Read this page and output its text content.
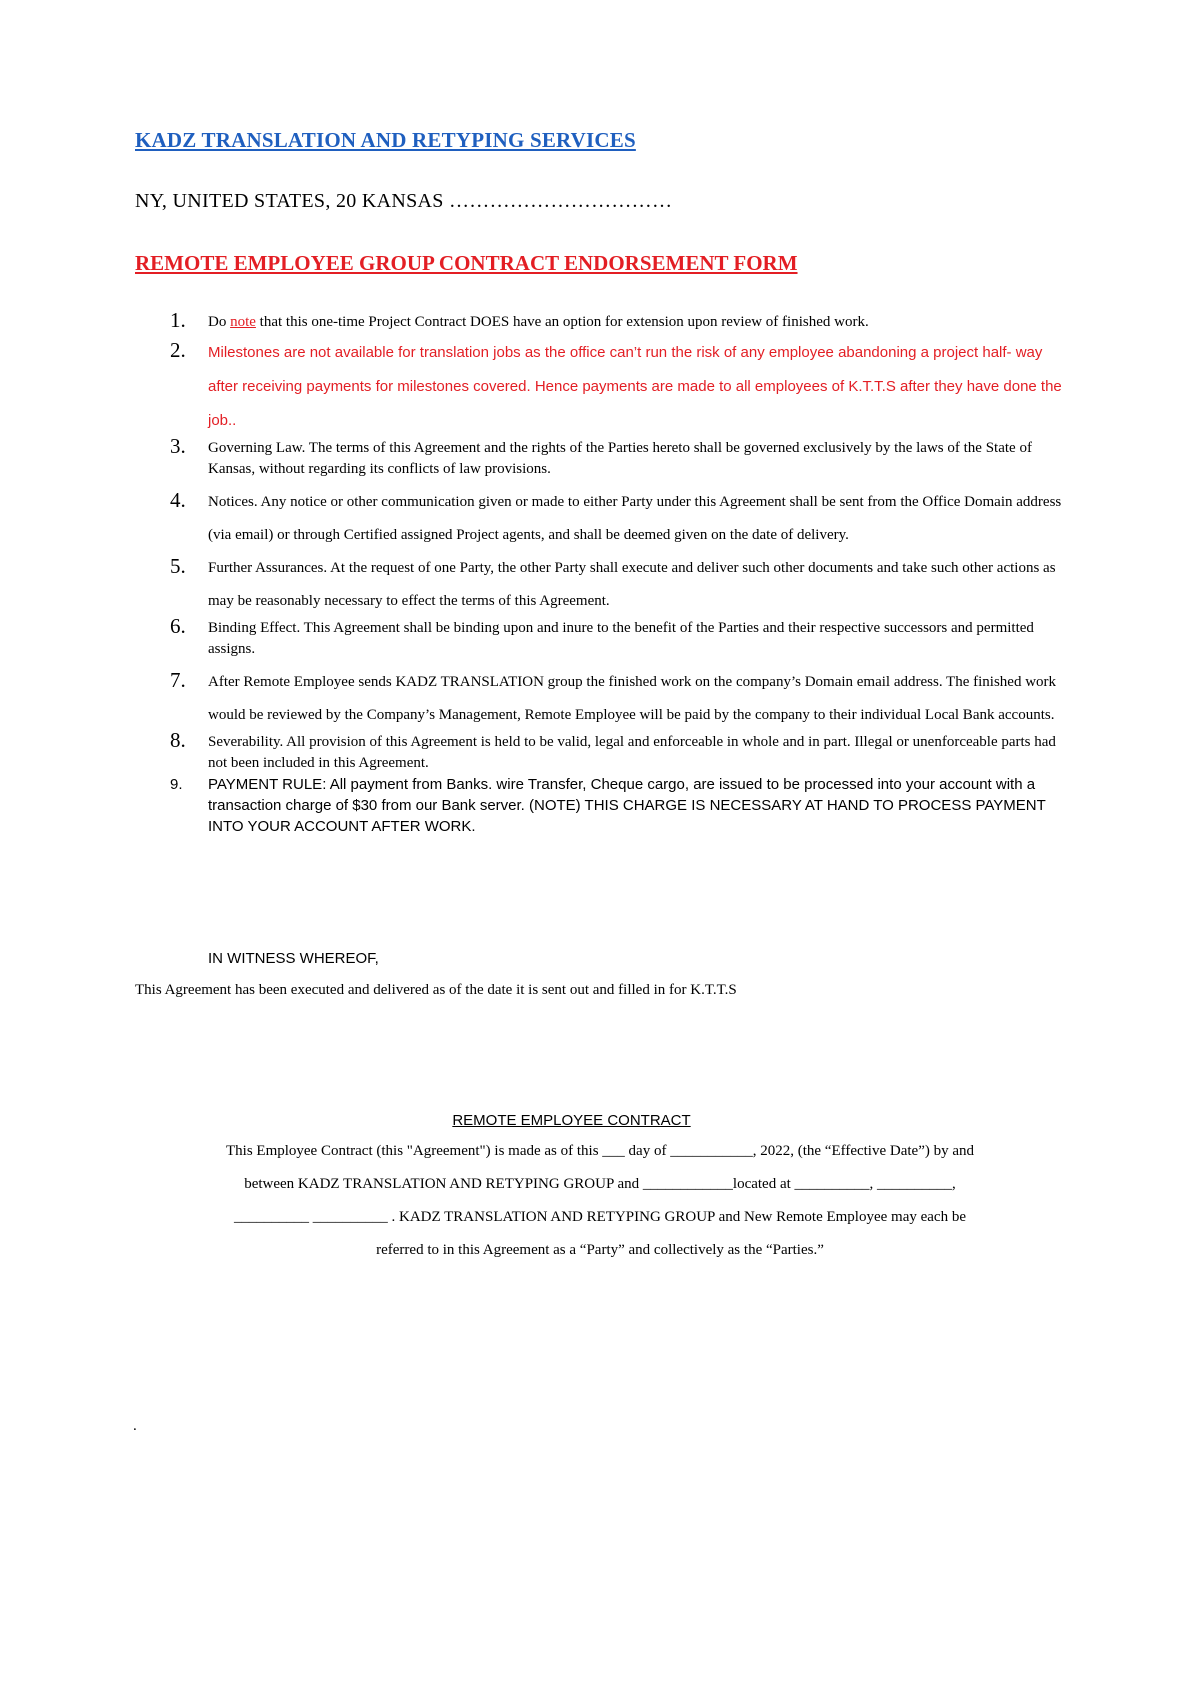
KADZ TRANSLATION AND RETYPING SERVICES
NY, UNITED STATES, 20 KANSAS ……………………………
REMOTE EMPLOYEE GROUP CONTRACT ENDORSEMENT FORM
1.	Do note that this one-time Project Contract DOES have an option for extension upon review of finished work.
2.	Milestones are not available for translation jobs as the office can’t run the risk of any employee abandoning a project half- way after receiving payments for milestones covered. Hence payments are made to all employees of K.T.T.S after they have done the job..
3.	Governing Law. The terms of this Agreement and the rights of the Parties hereto shall be governed exclusively by the laws of the State of Kansas, without regarding its conflicts of law provisions.
4.	Notices. Any notice or other communication given or made to either Party under this Agreement shall be sent from the Office Domain address (via email) or through Certified assigned Project agents, and shall be deemed given on the date of delivery.
5.	Further Assurances. At the request of one Party, the other Party shall execute and deliver such other documents and take such other actions as may be reasonably necessary to effect the terms of this Agreement.
6.	Binding Effect. This Agreement shall be binding upon and inure to the benefit of the Parties and their respective successors and permitted assigns.
7.	After Remote Employee sends KADZ TRANSLATION group the finished work on the company’s Domain email address. The finished work would be reviewed by the Company’s Management, Remote Employee will be paid by the company to their individual Local Bank accounts.
8.	Severability. All provision of this Agreement is held to be valid, legal and enforceable in whole and in part. Illegal or unenforceable parts had not been included in this Agreement.
9.	PAYMENT RULE: All payment from Banks. wire Transfer, Cheque cargo, are issued to be processed into your account with a transaction charge of $30 from our Bank server. (NOTE) THIS CHARGE IS NECESSARY AT HAND TO PROCESS PAYMENT INTO YOUR ACCOUNT AFTER WORK.
IN WITNESS WHEREOF,
This Agreement has been executed and delivered as of the date it is sent out and filled in for K.T.T.S
REMOTE EMPLOYEE CONTRACT
This Employee Contract (this "Agreement") is made as of this ___ day of ___________, 2022, (the “Effective Date”) by and
between KADZ TRANSLATION AND RETYPING GROUP and ____________located at __________, __________,
__________ __________ . KADZ TRANSLATION AND RETYPING GROUP and New Remote Employee may each be
referred to in this Agreement as a “Party” and collectively as the “Parties.”
.
